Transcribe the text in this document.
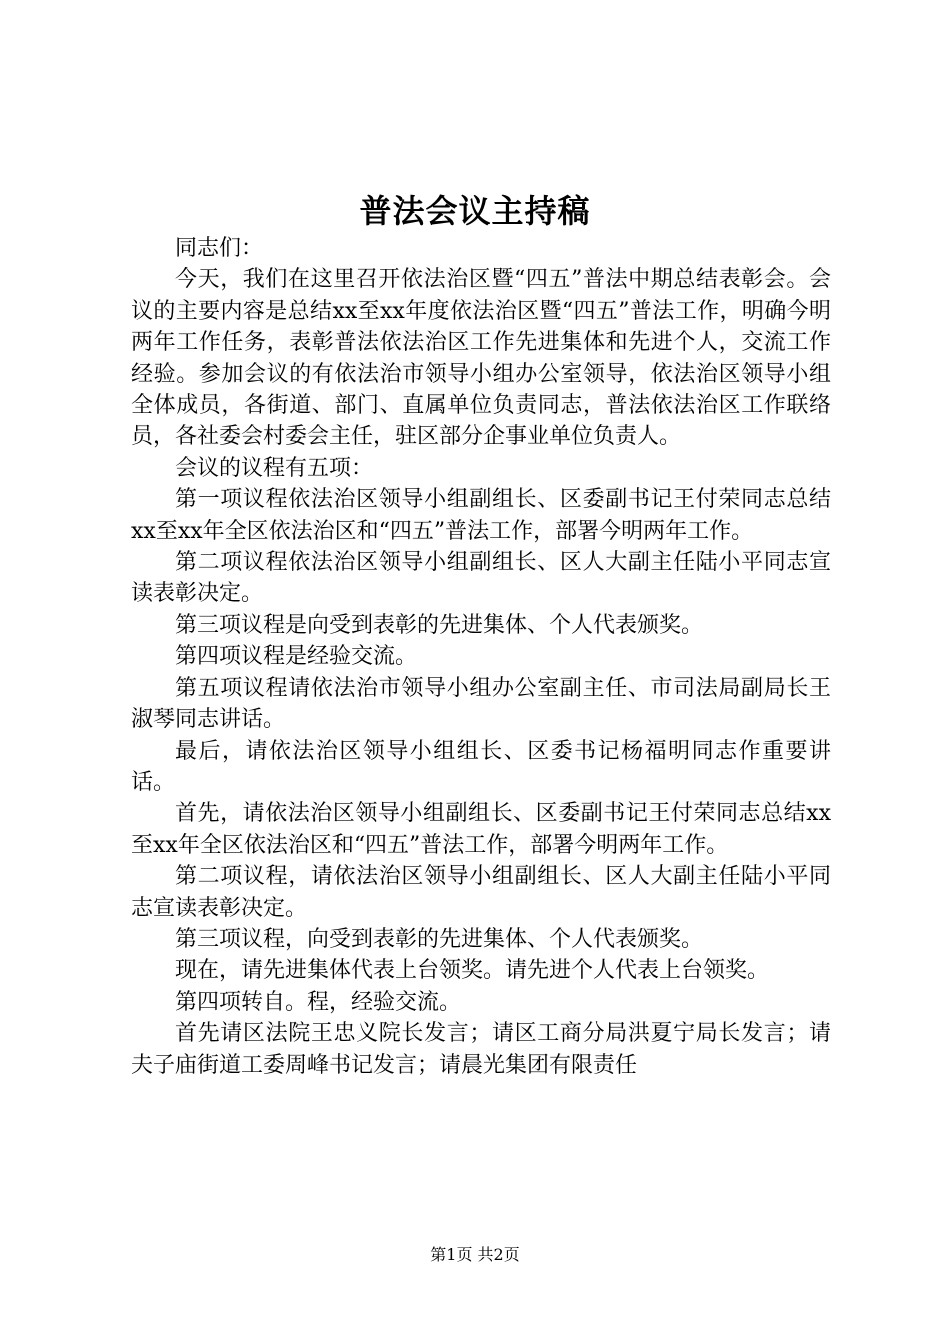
普法会议主持稿

同志们：

今天，我们在这里召开依法治区暨“四五”普法中期总结表彰会。会议的主要内容是总结xx至xx年度依法治区暨“四五”普法工作，明确今明两年工作任务，表彰普法依法治区工作先进集体和先进个人，交流工作经验。参加会议的有依法治市领导小组办公室领导，依法治区领导小组全体成员，各街道、部门、直属单位负责同志，普法依法治区工作联络员，各社委会村委会主任，驻区部分企事业单位负责人。

会议的议程有五项：

第一项议程依法治区领导小组副组长、区委副书记王付荣同志总结xx至xx年全区依法治区和“四五”普法工作，部署今明两年工作。

第二项议程依法治区领导小组副组长、区人大副主任陆小平同志宣读表彰决定。

第三项议程是向受到表彰的先进集体、个人代表颁奖。

第四项议程是经验交流。

第五项议程请依法治市领导小组办公室副主任、市司法局副局长王淑琴同志讲话。

最后，请依法治区领导小组组长、区委书记杨福明同志作重要讲话。

首先，请依法治区领导小组副组长、区委副书记王付荣同志总结xx至xx年全区依法治区和“四五”普法工作，部署今明两年工作。

第二项议程，请依法治区领导小组副组长、区人大副主任陆小平同志宣读表彰决定。

第三项议程，向受到表彰的先进集体、个人代表颁奖。

现在，请先进集体代表上台领奖。请先进个人代表上台领奖。

第四项转自。程，经验交流。

首先请区法院王忠义院长发言；请区工商分局洪夏宁局长发言；请夫子庙街道工委周峰书记发言；请晨光集团有限责任

第1页 共2页
